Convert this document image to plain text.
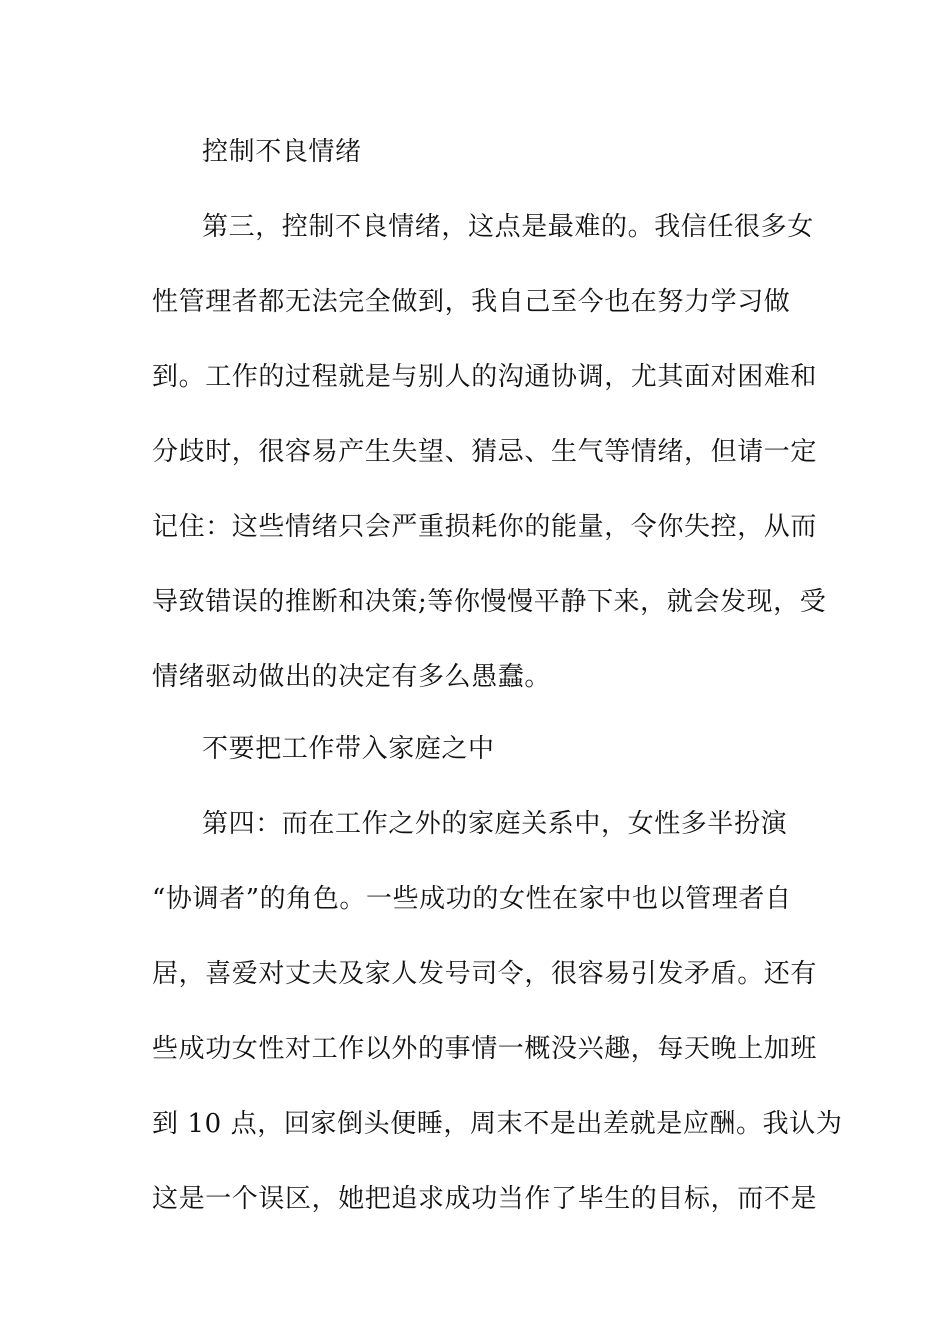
控制不良情绪
第三，控制不良情绪，这点是最难的。我信任很多女
性管理者都无法完全做到，我自己至今也在努力学习做
到。工作的过程就是与别人的沟通协调，尤其面对困难和
分歧时，很容易产生失望、猜忌、生气等情绪，但请一定
记住：这些情绪只会严重损耗你的能量，令你失控，从而
导致错误的推断和决策;等你慢慢平静下来，就会发现，受
情绪驱动做出的决定有多么愚蠢。
不要把工作带入家庭之中
第四：而在工作之外的家庭关系中，女性多半扮演
“协调者”的角色。一些成功的女性在家中也以管理者自
居，喜爱对丈夫及家人发号司令，很容易引发矛盾。还有
些成功女性对工作以外的事情一概没兴趣，每天晚上加班
到 10 点，回家倒头便睡，周末不是出差就是应酬。我认为
这是一个误区，她把追求成功当作了毕生的目标，而不是
